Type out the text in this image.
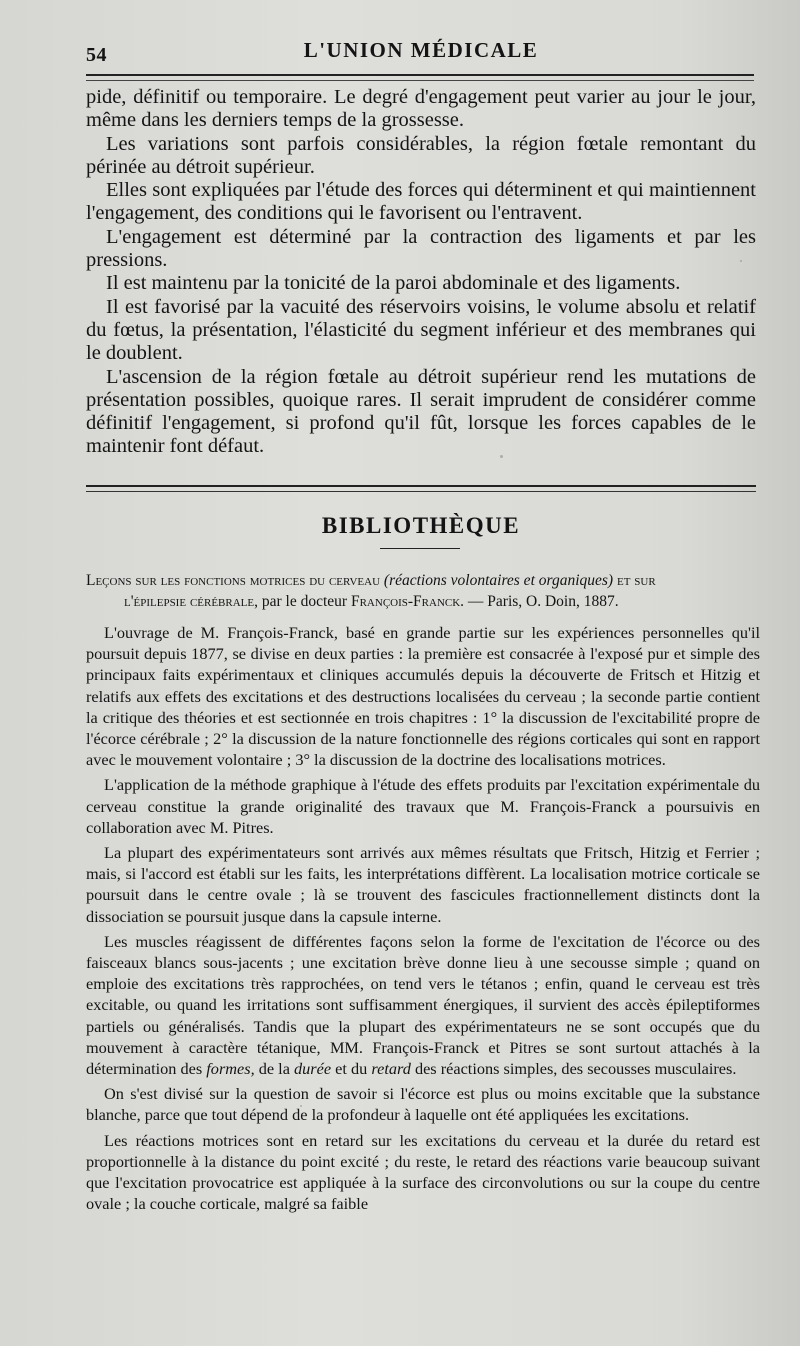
54	L'UNION MÉDICALE

pide, définitif ou temporaire. Le degré d'engagement peut varier au jour le jour, même dans les derniers temps de la grossesse.

Les variations sont parfois considérables, la région fœtale remontant du périnée au détroit supérieur.

Elles sont expliquées par l'étude des forces qui déterminent et qui maintiennent l'engagement, des conditions qui le favorisent ou l'entravent.

L'engagement est déterminé par la contraction des ligaments et par les pressions.

Il est maintenu par la tonicité de la paroi abdominale et des ligaments.

Il est favorisé par la vacuité des réservoirs voisins, le volume absolu et relatif du fœtus, la présentation, l'élasticité du segment inférieur et des membranes qui le doublent.

L'ascension de la région fœtale au détroit supérieur rend les mutations de présentation possibles, quoique rares. Il serait imprudent de considérer comme définitif l'engagement, si profond qu'il fût, lorsque les forces capables de le maintenir font défaut.

BIBLIOTHÈQUE
Leçons sur les fonctions motrices du cerveau (réactions volontaires et organiques) et sur
l'épilepsie cérébrale, par le docteur François-Franck. — Paris, O. Doin, 1887.

L'ouvrage de M. François-Franck, basé en grande partie sur les expériences personnelles qu'il poursuit depuis 1877, se divise en deux parties : la première est consacrée à l'exposé pur et simple des principaux faits expérimentaux et cliniques accumulés depuis la découverte de Fritsch et Hitzig et relatifs aux effets des excitations et des destructions localisées du cerveau ; la seconde partie contient la critique des théories et est sectionnée en trois chapitres : 1° la discussion de l'excitabilité propre de l'écorce cérébrale ; 2° la discussion de la nature fonctionnelle des régions corticales qui sont en rapport avec le mouvement volontaire ; 3° la discussion de la doctrine des localisations motrices.

L'application de la méthode graphique à l'étude des effets produits par l'excitation expérimentale du cerveau constitue la grande originalité des travaux que M. François-Franck a poursuivis en collaboration avec M. Pitres.

La plupart des expérimentateurs sont arrivés aux mêmes résultats que Fritsch, Hitzig et Ferrier ; mais, si l'accord est établi sur les faits, les interprétations diffèrent. La localisation motrice corticale se poursuit dans le centre ovale ; là se trouvent des fascicules fractionnellement distincts dont la dissociation se poursuit jusque dans la capsule interne.

Les muscles réagissent de différentes façons selon la forme de l'excitation de l'écorce ou des faisceaux blancs sous-jacents ; une excitation brève donne lieu à une secousse simple ; quand on emploie des excitations très rapprochées, on tend vers le tétanos ; enfin, quand le cerveau est très excitable, ou quand les irritations sont suffisamment énergiques, il survient des accès épileptiformes partiels ou généralisés. Tandis que la plupart des expérimentateurs ne se sont occupés que du mouvement à caractère tétanique, MM. François-Franck et Pitres se sont surtout attachés à la détermination des formes, de la durée et du retard des réactions simples, des secousses musculaires.

On s'est divisé sur la question de savoir si l'écorce est plus ou moins excitable que la substance blanche, parce que tout dépend de la profondeur à laquelle ont été appliquées les excitations.

Les réactions motrices sont en retard sur les excitations du cerveau et la durée du retard est proportionnelle à la distance du point excité ; du reste, le retard des réactions varie beaucoup suivant que l'excitation provocatrice est appliquée à la surface des circonvolutions ou sur la coupe du centre ovale ; la couche corticale, malgré sa faible
